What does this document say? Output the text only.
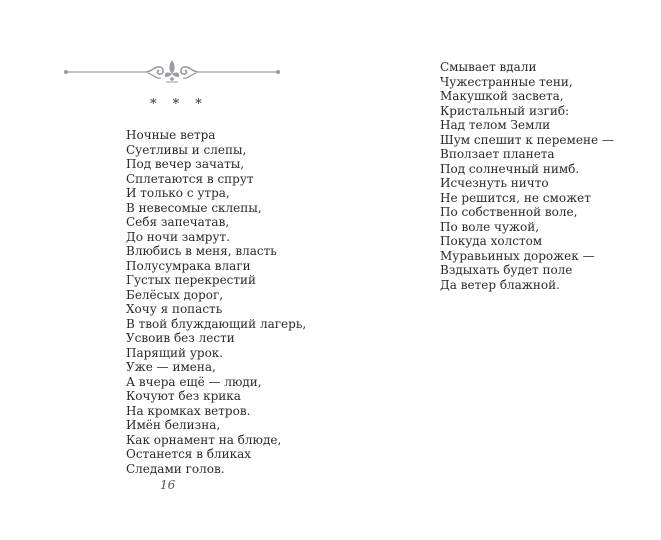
* * *
Ночные ветра
Суетливы и слепы,
Под вечер зачаты,
Сплетаются в спрут
И только с утра,
В невесомые склепы,
Себя запечатав,
До ночи замрут.
Влюбись в меня, власть
Полусумрака влаги
Густых перекрестий
Белёсых дорог,
Хочу я попасть
В твой блуждающий лагерь,
Усвоив без лести
Парящий урок.
Уже — имена,
А вчера ещё — люди,
Кочуют без крика
На кромках ветров.
Имён белизна,
Как орнамент на блюде,
Останется в бликах
Следами голов.
16
Смывает вдали
Чужестранные тени,
Макушкой засвета,
Кристальный изгиб:
Над телом Земли
Шум спешит к перемене —
Вползает планета
Под солнечный нимб.
Исчезнуть ничто
Не решится, не сможет
По собственной воле,
По воле чужой,
Покуда холстом
Муравьиных дорожек —
Вздыхать будет поле
Да ветер блажной.
